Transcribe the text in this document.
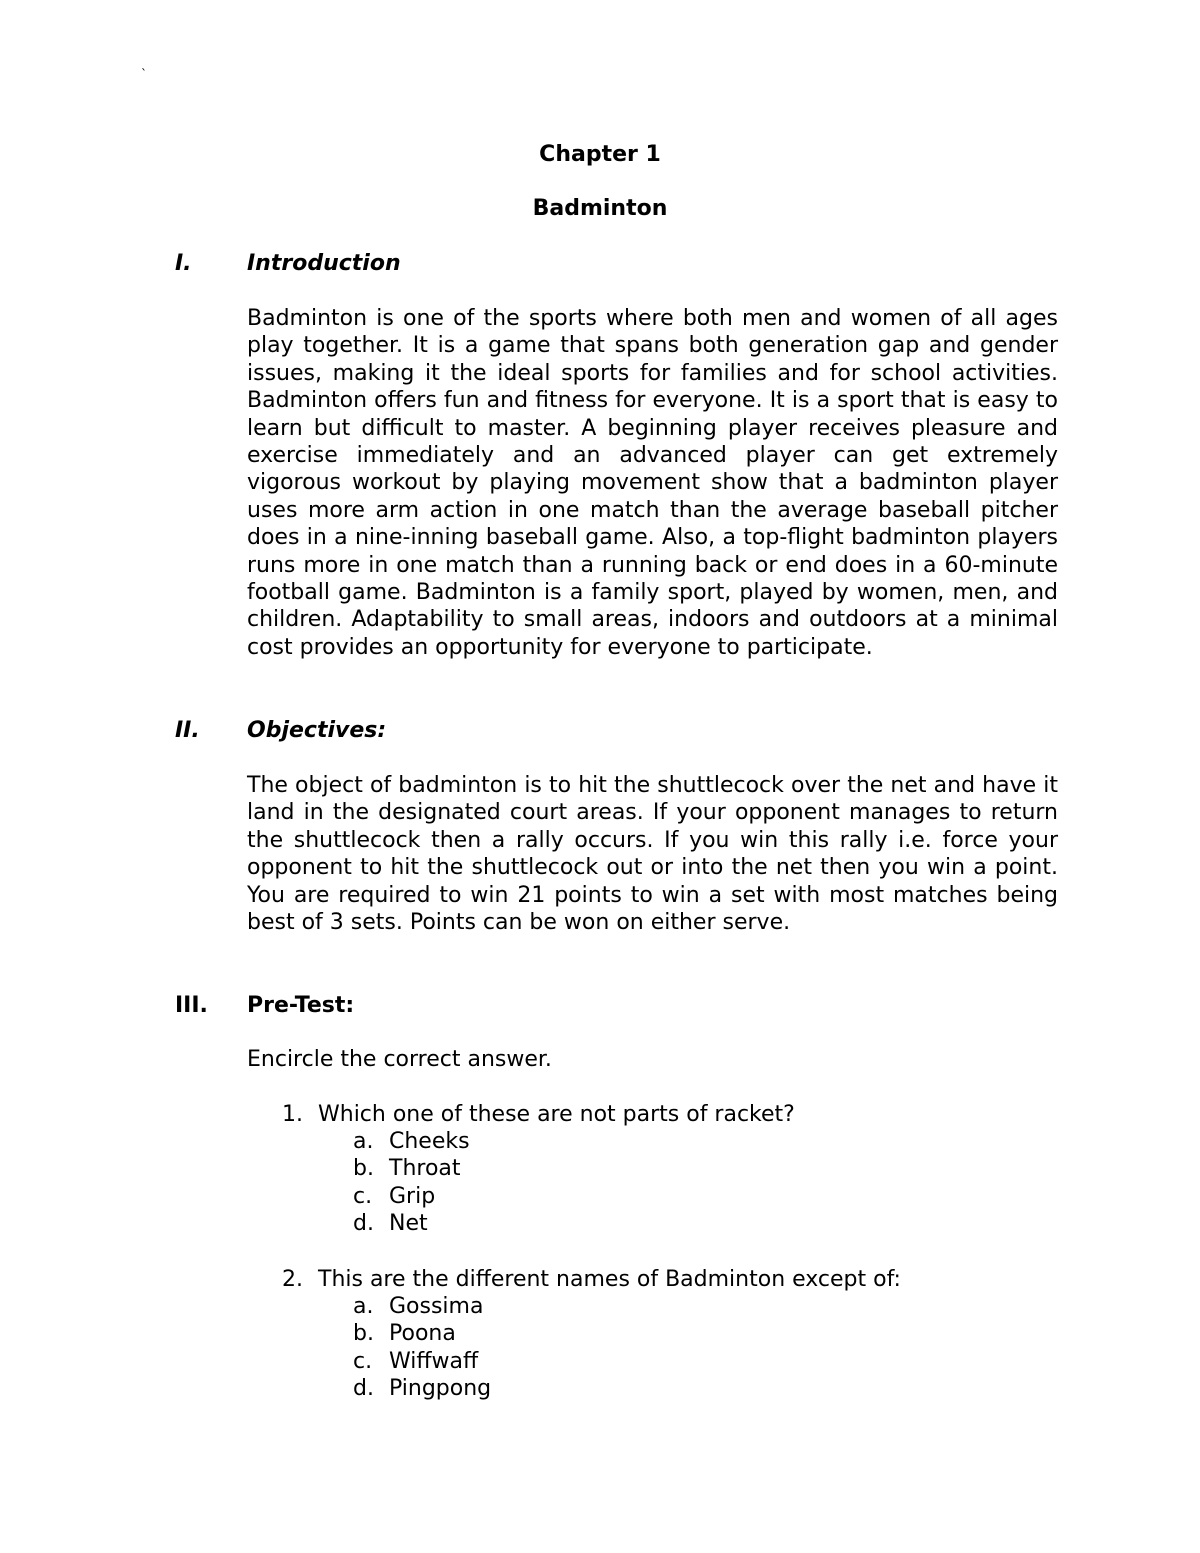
`
Chapter 1
Badminton
I.	Introduction

Badminton is one of the sports where both men and women of all ages play together. It is a game that spans both generation gap and gender issues, making it the ideal sports for families and for school activities. Badminton offers fun and fitness for everyone. It is a sport that is easy to learn but difficult to master. A beginning player receives pleasure and exercise immediately and an advanced player can get extremely vigorous workout by playing movement show that a badminton player uses more arm action in one match than the average baseball pitcher does in a nine-inning baseball game. Also, a top-flight badminton players runs more in one match than a running back or end does in a 60-minute football game. Badminton is a family sport, played by women, men, and children. Adaptability to small areas, indoors and outdoors at a minimal cost provides an opportunity for everyone to participate.

II. Objectives:

The object of badminton is to hit the shuttlecock over the net and have it land in the designated court areas. If your opponent manages to return the shuttlecock then a rally occurs. If you win this rally i.e. force your opponent to hit the shuttlecock out or into the net then you win a point. You are required to win 21 points to win a set with most matches being best of 3 sets. Points can be won on either serve.

III. Pre-Test:
Encircle the correct answer.
1. Which one of these are not parts of racket?
a. Cheeks
b. Throat
c. Grip
d. Net
2. This are the different names of Badminton except of:
a. Gossima
b. Poona
c. Wiffwaff
d. Pingpong
